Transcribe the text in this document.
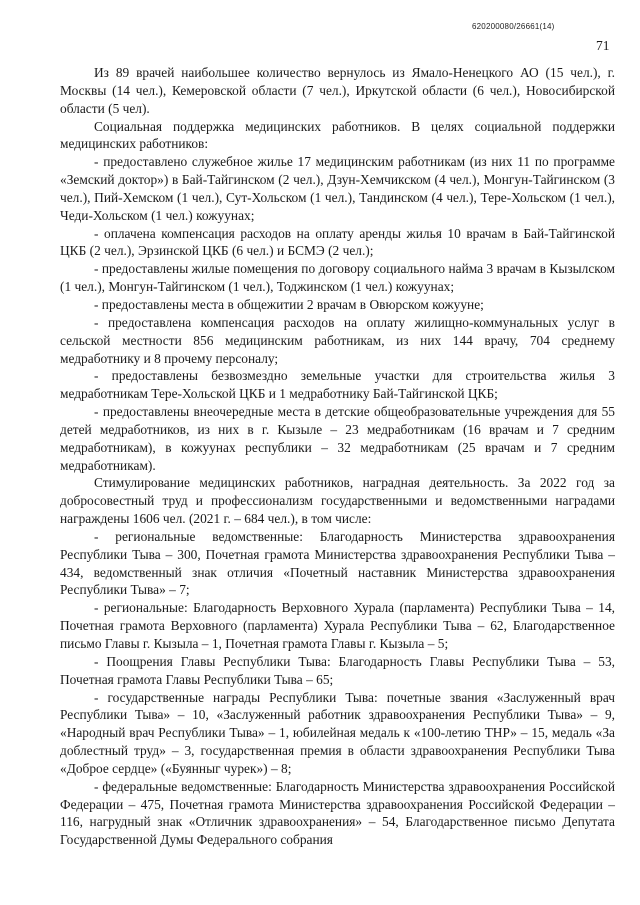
620200080/26661(14)
71

Из 89 врачей наибольшее количество вернулось из Ямало-Ненецкого АО (15 чел.), г. Москвы (14 чел.), Кемеровской области (7 чел.), Иркутской области (6 чел.), Новосибирской области (5 чел).

Социальная поддержка медицинских работников. В целях социальной поддержки медицинских работников:

- предоставлено служебное жилье 17 медицинским работникам (из них 11 по программе «Земский доктор») в Бай-Тайгинском (2 чел.), Дзун-Хемчикском (4 чел.), Монгун-Тайгинском (3 чел.), Пий-Хемском (1 чел.), Сут-Хольском (1 чел.), Тандинском (4 чел.), Тере-Хольском (1 чел.), Чеди-Хольском (1 чел.) кожуунах;

- оплачена компенсация расходов на оплату аренды жилья 10 врачам в Бай-Тайгинской ЦКБ (2 чел.), Эрзинской ЦКБ (6 чел.) и БСМЭ (2 чел.);

- предоставлены жилые помещения по договору социального найма 3 врачам в Кызылском (1 чел.), Монгун-Тайгинском (1 чел.), Тоджинском (1 чел.) кожуунах;

- предоставлены места в общежитии 2 врачам в Овюрском кожууне;

- предоставлена компенсация расходов на оплату жилищно-коммунальных услуг в сельской местности 856 медицинским работникам, из них 144 врачу, 704 среднему медработнику и 8 прочему персоналу;

- предоставлены безвозмездно земельные участки для строительства жилья 3 медработникам Тере-Хольской ЦКБ и 1 медработнику Бай-Тайгинской ЦКБ;

- предоставлены внеочередные места в детские общеобразовательные учреждения для 55 детей медработников, из них в г. Кызыле – 23 медработникам (16 врачам и 7 средним медработникам), в кожуунах республики – 32 медработникам (25 врачам и 7 средним медработникам).

Стимулирование медицинских работников, наградная деятельность. За 2022 год за добросовестный труд и профессионализм государственными и ведомственными наградами награждены 1606 чел. (2021 г. – 684 чел.), в том числе:

- региональные ведомственные: Благодарность Министерства здравоохранения Республики Тыва – 300, Почетная грамота Министерства здравоохранения Республики Тыва – 434, ведомственный знак отличия «Почетный наставник Министерства здравоохранения Республики Тыва» – 7;

- региональные: Благодарность Верховного Хурала (парламента) Республики Тыва – 14, Почетная грамота Верховного (парламента) Хурала Республики Тыва – 62, Благодарственное письмо Главы г. Кызыла – 1, Почетная грамота Главы г. Кызыла – 5;

- Поощрения Главы Республики Тыва: Благодарность Главы Республики Тыва – 53, Почетная грамота Главы Республики Тыва – 65;

- государственные награды Республики Тыва: почетные звания «Заслуженный врач Республики Тыва» – 10, «Заслуженный работник здравоохранения Республики Тыва» – 9, «Народный врач Республики Тыва» – 1, юбилейная медаль к «100-летию ТНР» – 15, медаль «За доблестный труд» – 3, государственная премия в области здравоохранения Республики Тыва «Доброе сердце» («Буянныг чурек») – 8;

- федеральные ведомственные: Благодарность Министерства здравоохранения Российской Федерации – 475, Почетная грамота Министерства здравоохранения Российской Федерации – 116, нагрудный знак «Отличник здравоохранения» – 54, Благодарственное письмо Депутата Государственной Думы Федерального собрания
